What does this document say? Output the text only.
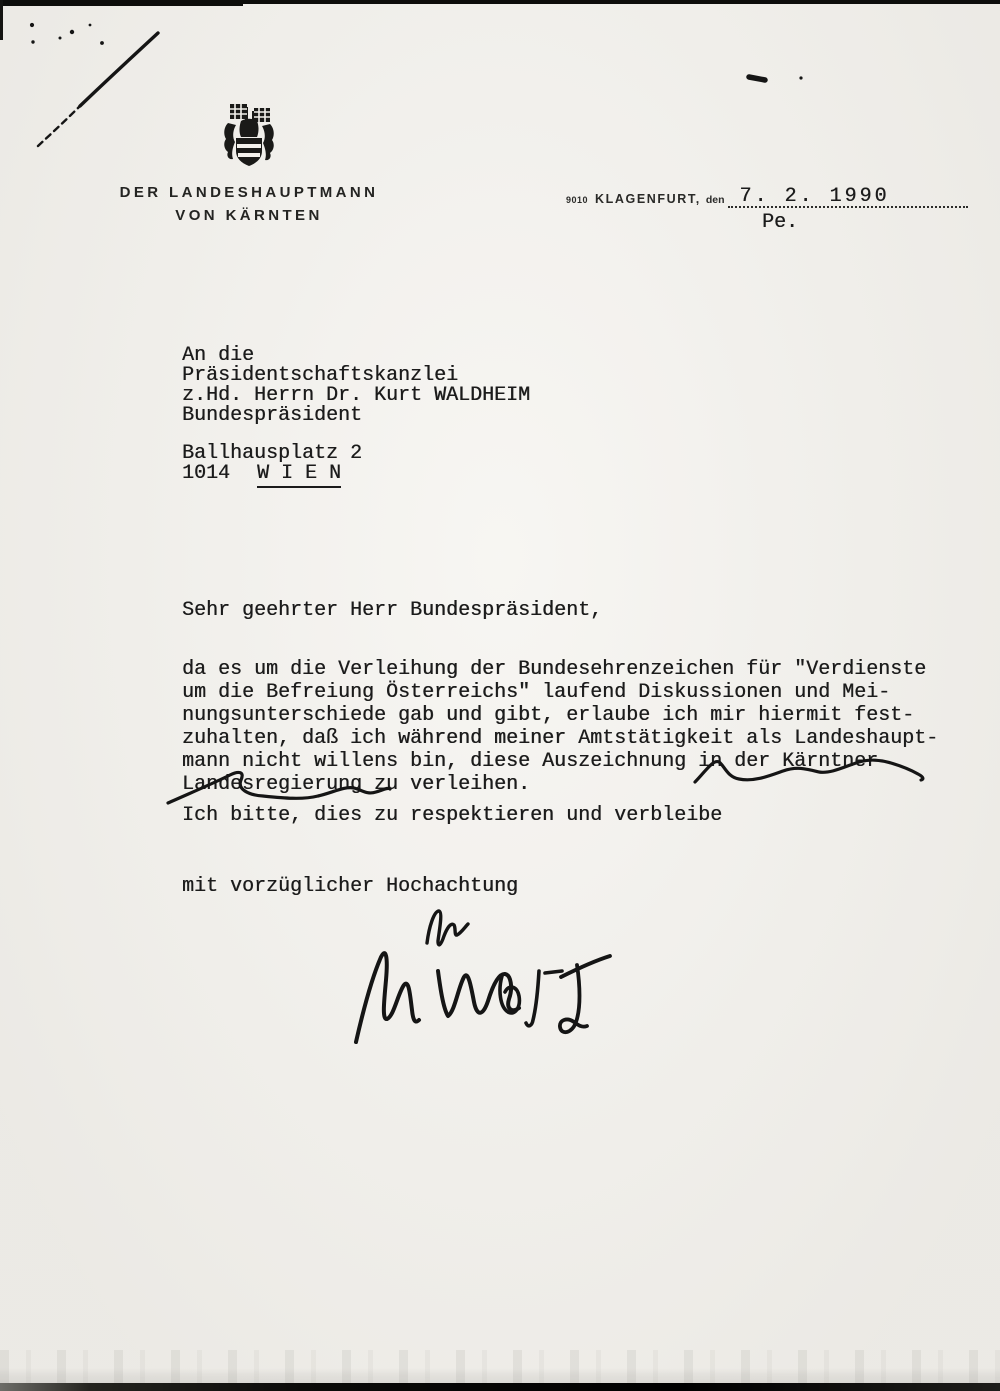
DER LANDESHAUPTMANN
VON KÄRNTEN
9010 KLAGENFURT, den 7. 2. 1990
Pe.
An die
Präsidentschaftskanzlei
z.Hd. Herrn Dr. Kurt WALDHEIM
Bundespräsident
Ballhausplatz 2
1014 W I E N
Sehr geehrter Herr Bundespräsident,
da es um die Verleihung der Bundesehrenzeichen für "Verdienste
um die Befreiung Österreichs" laufend Diskussionen und Mei-
nungsunterschiede gab und gibt, erlaube ich mir hiermit fest-
zuhalten, daß ich während meiner Amtstätigkeit als Landeshaupt-
mann nicht willens bin, diese Auszeichnung in der Kärntner
Landesregierung zu verleihen.
Ich bitte, dies zu respektieren und verbleibe
mit vorzüglicher Hochachtung
